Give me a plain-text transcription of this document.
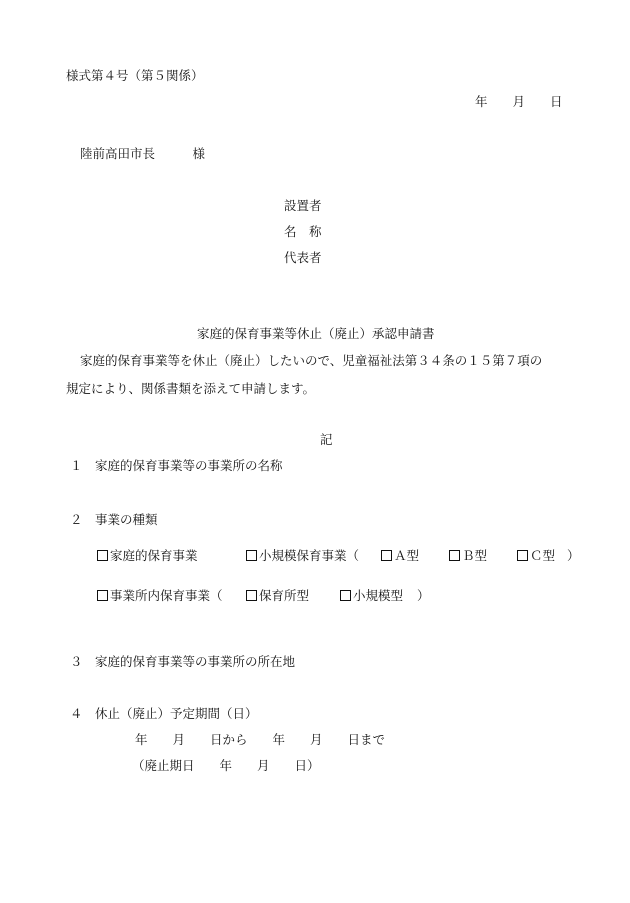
様式第４号（第５関係）
年　　月　　日
陸前高田市長　　　様
設置者
名　称
代表者
家庭的保育事業等休止（廃止）承認申請書
家庭的保育事業等を休止（廃止）したいので、児童福祉法第３４条の１５第７項の
規定により、関係書類を添えて申請します。
記
１　家庭的保育事業等の事業所の名称
２　事業の種類
家庭的保育事業	小規模保育事業（	Ａ型	Ｂ型	Ｃ型 ）
事業所内保育事業（	保育所型	小規模型 ）
３　家庭的保育事業等の事業所の所在地
４　休止（廃止）予定期間（日）
年　　月　　日から　　年　　月　　日まで
（廃止期日　　年　　月　　日）
